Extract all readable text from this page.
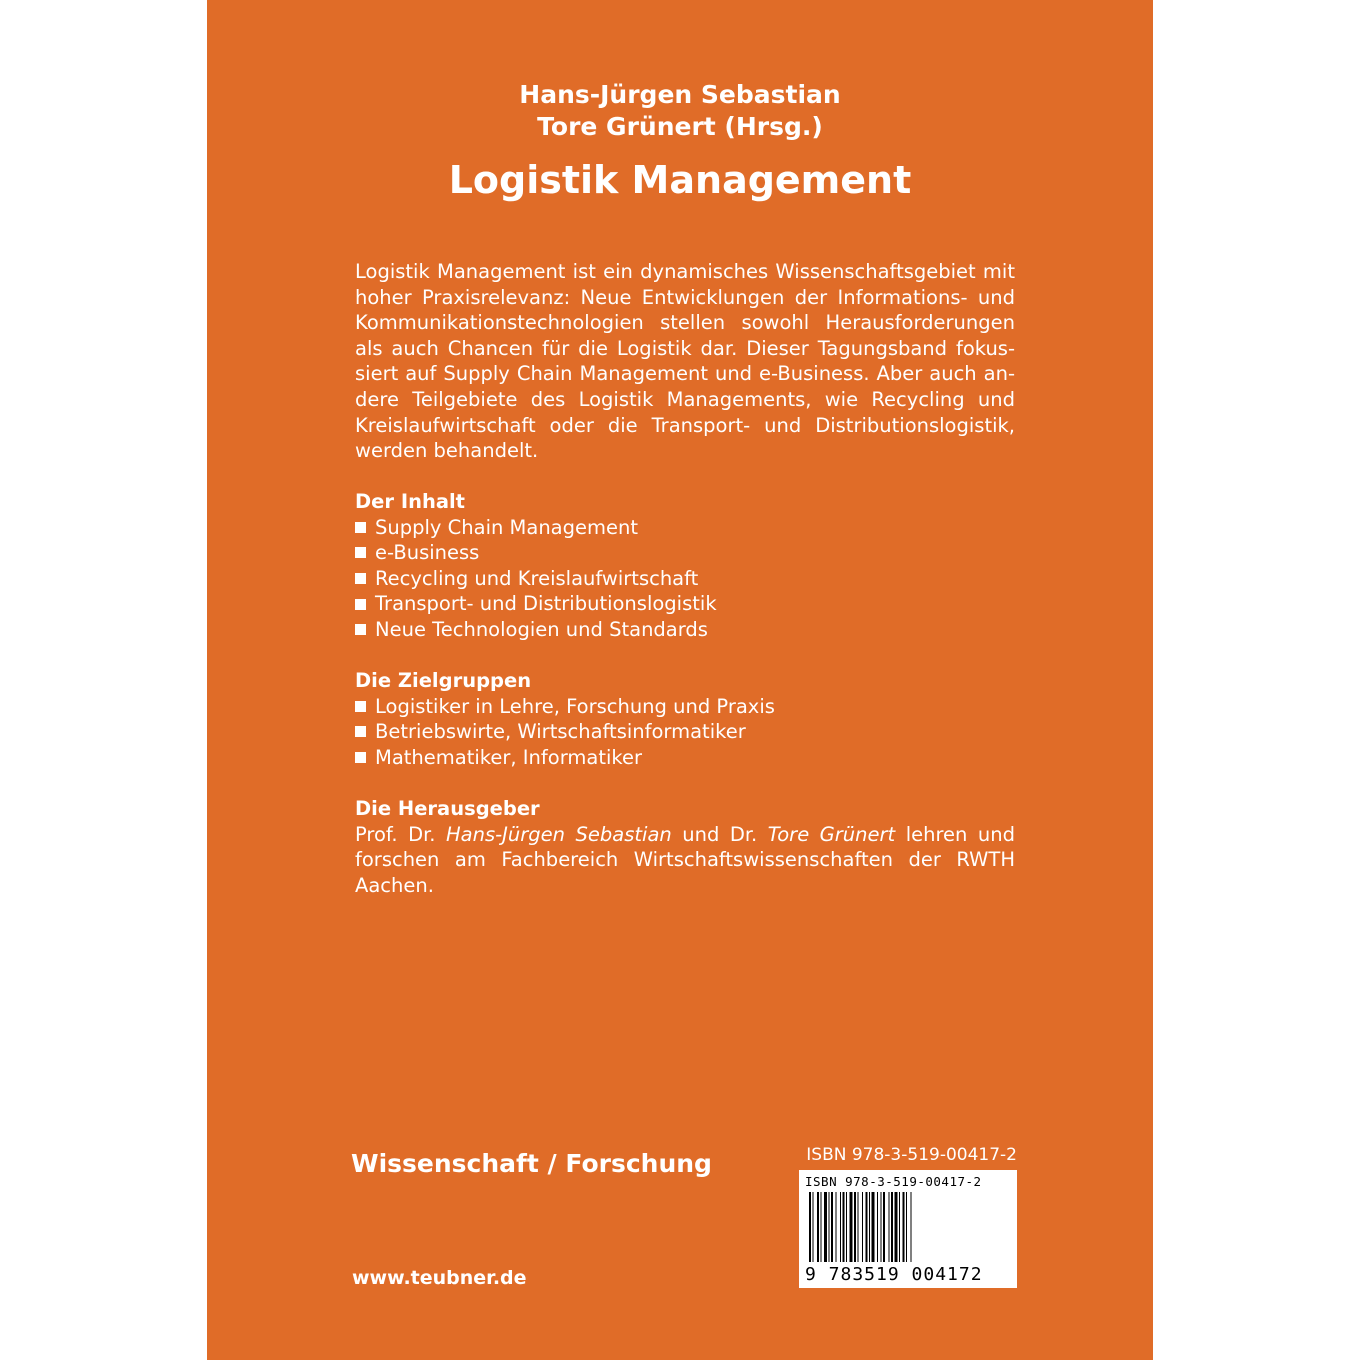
Hans-Jürgen Sebastian
Tore Grünert (Hrsg.)
Logistik Management
Logistik Management ist ein dynamisches Wissenschaftsgebiet mit
hoher Praxisrelevanz: Neue Entwicklungen der Informations- und
Kommunikationstechnologien stellen sowohl Herausforderungen
als auch Chancen für die Logistik dar. Dieser Tagungsband fokus-
siert auf Supply Chain Management und e-Business. Aber auch an-
dere Teilgebiete des Logistik Managements, wie Recycling und
Kreislaufwirtschaft oder die Transport- und Distributionslogistik,
werden behandelt.
Der Inhalt
Supply Chain Management
e-Business
Recycling und Kreislaufwirtschaft
Transport- und Distributionslogistik
Neue Technologien und Standards
Die Zielgruppen
Logistiker in Lehre, Forschung und Praxis
Betriebswirte, Wirtschaftsinformatiker
Mathematiker, Informatiker
Die Herausgeber
Prof. Dr. Hans-Jürgen Sebastian und Dr. Tore Grünert lehren und forschen am Fachbereich Wirtschaftswissenschaften der RWTH Aachen.
Wissenschaft / Forschung
www.teubner.de
ISBN 978-3-519-00417-2
ISBN 978-3-519-00417-2
9 783519 004172
